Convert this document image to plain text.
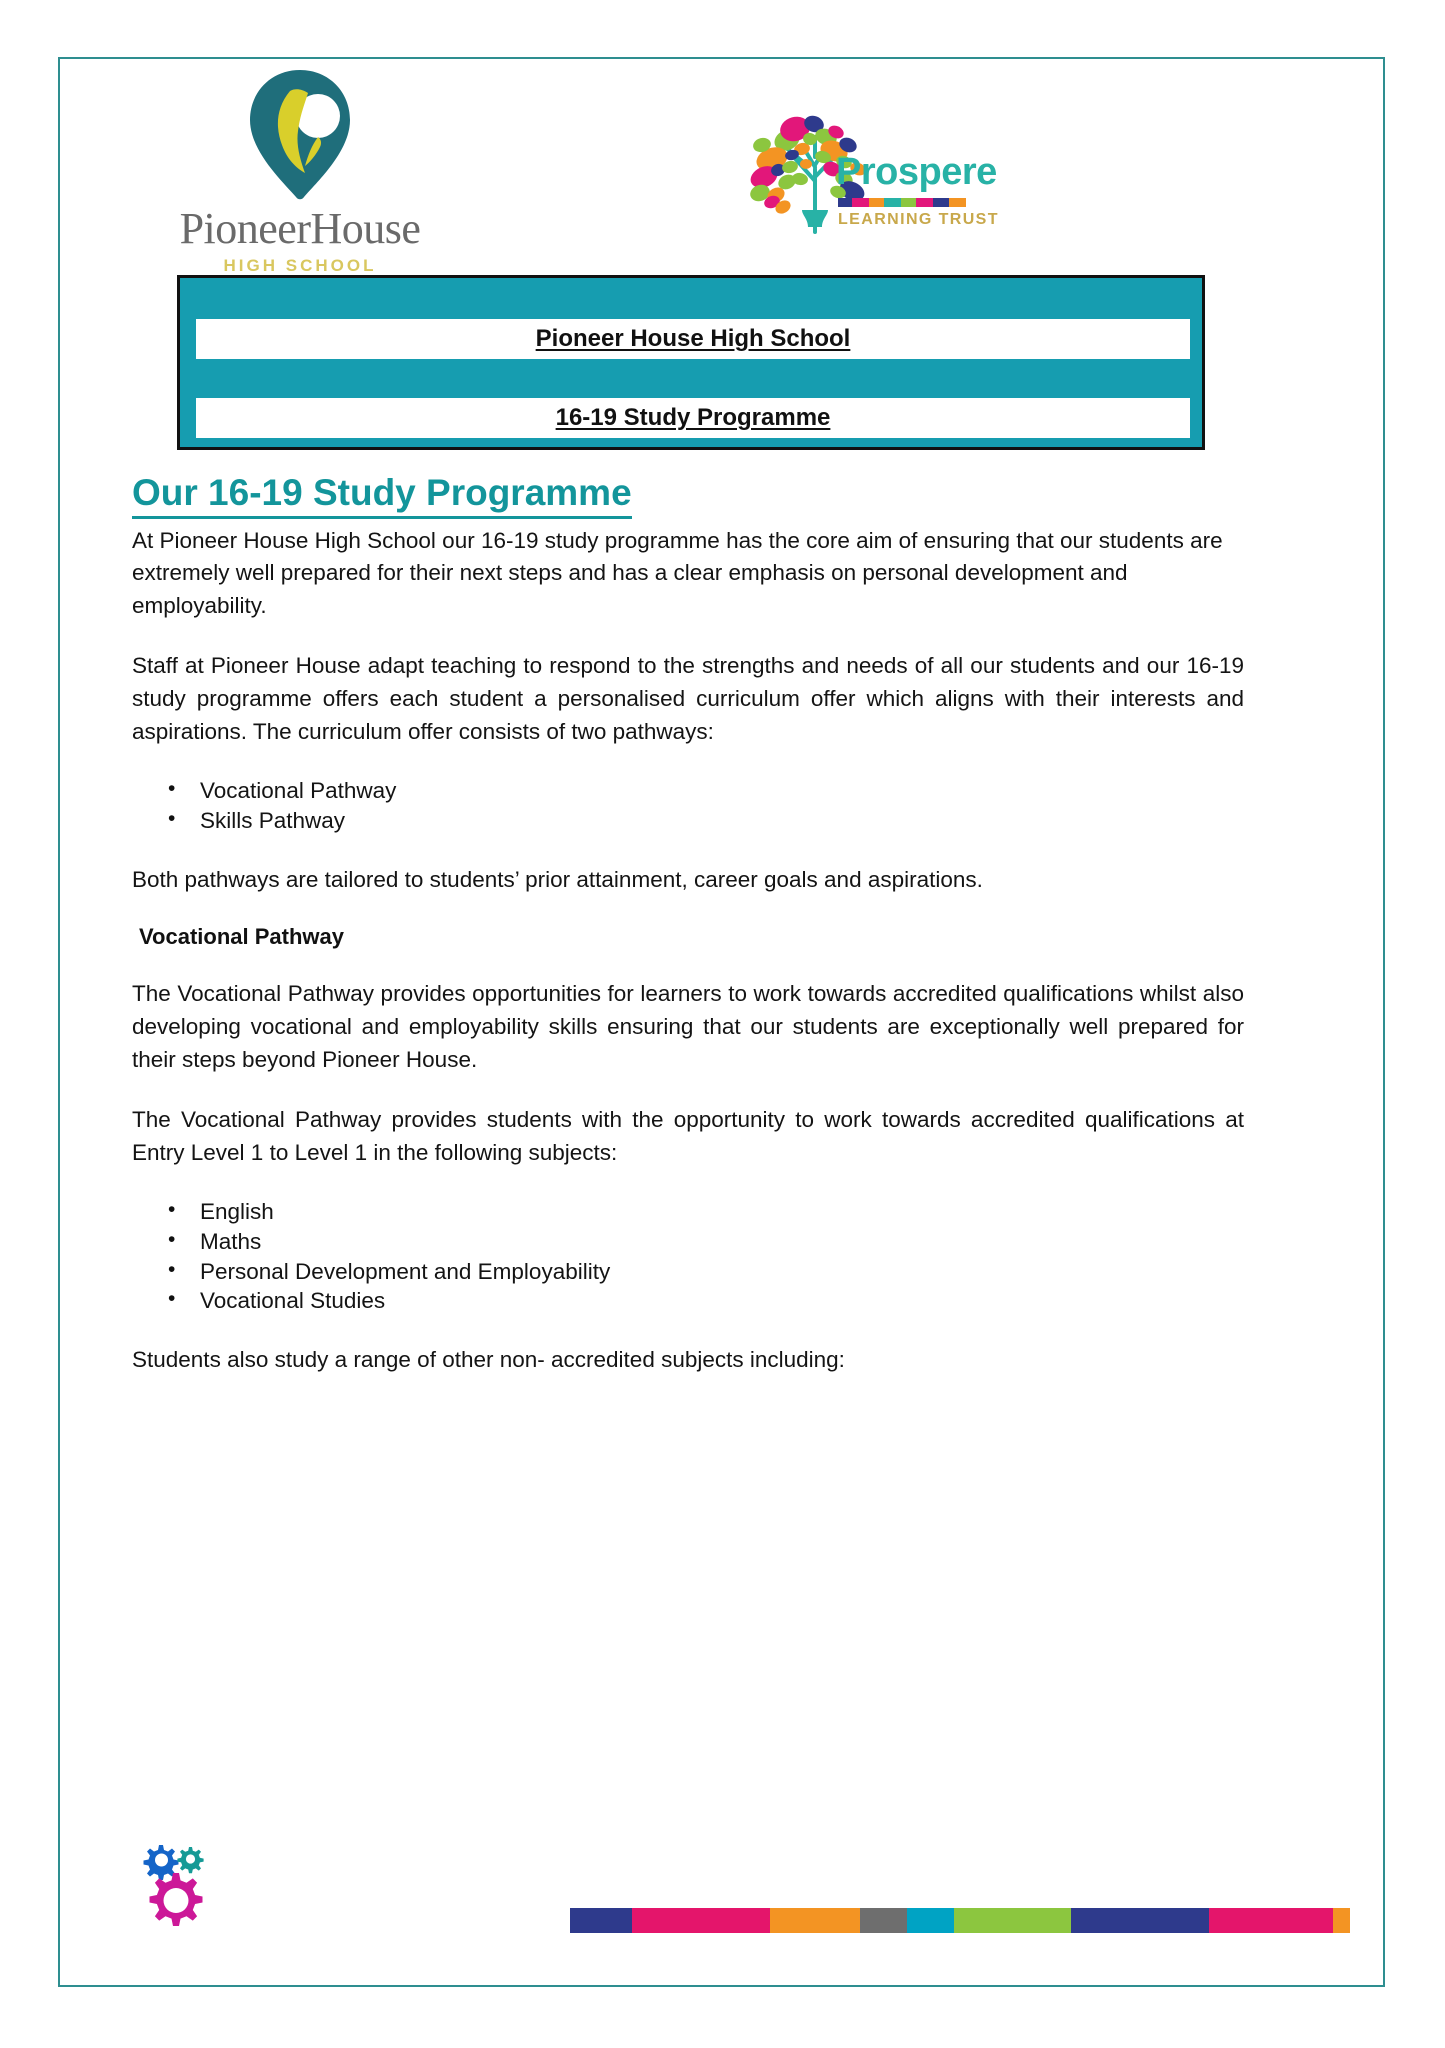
PioneerHouse
HIGH SCHOOL
Prospere
LEARNING TRUST
Pioneer House High School
16-19 Study Programme
Our 16-19 Study Programme

At Pioneer House High School our 16-19 study programme has the core aim of ensuring that our students are extremely well prepared for their next steps and has a clear emphasis on personal development and employability.

Staff at Pioneer House adapt teaching to respond to the strengths and needs of all our students and our 16-19 study programme offers each student a personalised curriculum offer which aligns with their interests and aspirations. The curriculum offer consists of two pathways:

• Vocational Pathway
• Skills Pathway

Both pathways are tailored to students’ prior attainment, career goals and aspirations.

Vocational Pathway

The Vocational Pathway provides opportunities for learners to work towards accredited qualifications whilst also developing vocational and employability skills ensuring that our students are exceptionally well prepared for their steps beyond Pioneer House.

The Vocational Pathway provides students with the opportunity to work towards accredited qualifications at Entry Level 1 to Level 1 in the following subjects:

• English
• Maths
• Personal Development and Employability
• Vocational Studies

Students also study a range of other non- accredited subjects including:
